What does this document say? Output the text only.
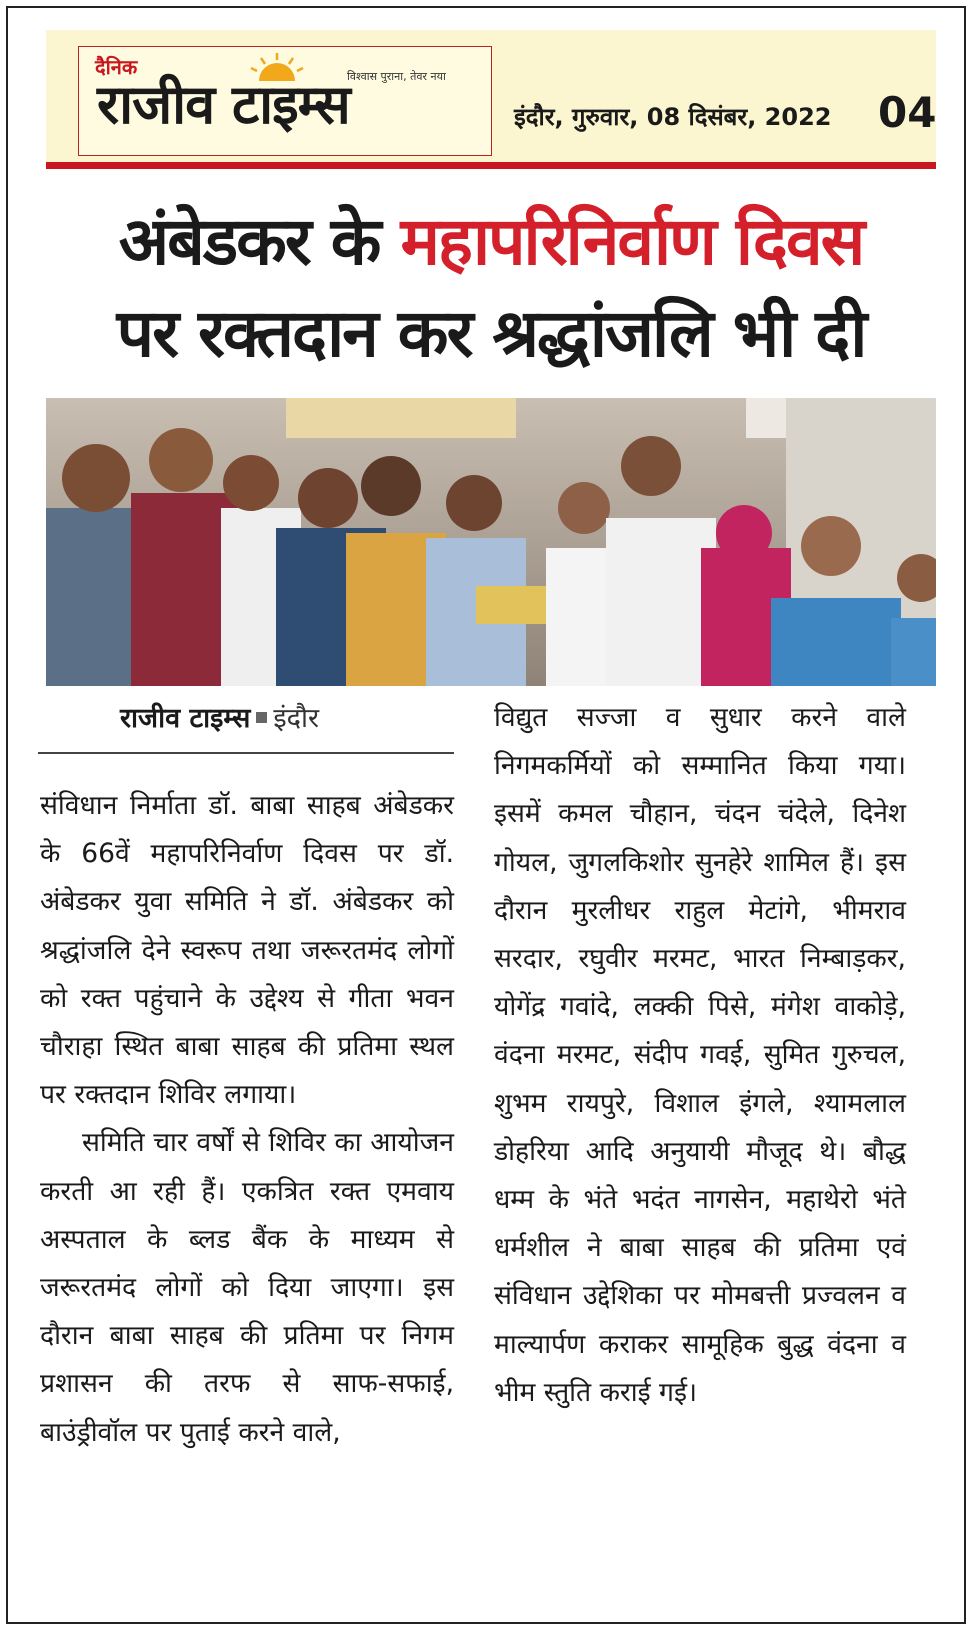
दैनिक
राजीव टाइम्स
विश्वास पुराना, तेवर नया
इंदौर, गुरुवार, 08 दिसंबर, 2022 04
अंबेडकर के महापरिनिर्वाण दिवस
पर रक्तदान कर श्रद्धांजलि भी दी
राजीव टाइम्स इंदौर

संविधान निर्माता डॉ. बाबा साहब अंबेडकर के 66वें महापरिनिर्वाण दिवस पर डॉ. अंबेडकर युवा समिति ने डॉ. अंबेडकर को श्रद्धांजलि देने स्वरूप तथा जरूरतमंद लोगों को रक्त पहुंचाने के उद्देश्य से गीता भवन चौराहा स्थित बाबा साहब की प्रतिमा स्थल पर रक्तदान शिविर लगाया।

समिति चार वर्षों से शिविर का आयोजन करती आ रही हैं। एकत्रित रक्त एमवाय अस्पताल के ब्लड बैंक के माध्यम से जरूरतमंद लोगों को दिया जाएगा। इस दौरान बाबा साहब की प्रतिमा पर निगम प्रशासन की तरफ से साफ-सफाई, बाउंड्रीवॉल पर पुताई करने वाले,

विद्युत सज्जा व सुधार करने वाले निगमकर्मियों को सम्मानित किया गया। इसमें कमल चौहान, चंदन चंदेले, दिनेश गोयल, जुगलकिशोर सुनहेरे शामिल हैं। इस दौरान मुरलीधर राहुल मेटांगे, भीमराव सरदार, रघुवीर मरमट, भारत निम्बाड़कर, योगेंद्र गवांदे, लक्की पिसे, मंगेश वाकोड़े, वंदना मरमट, संदीप गवई, सुमित गुरुचल, शुभम रायपुरे, विशाल इंगले, श्यामलाल डोहरिया आदि अनुयायी मौजूद थे। बौद्ध धम्म के भंते भदंत नागसेन, महाथेरो भंते धर्मशील ने बाबा साहब की प्रतिमा एवं संविधान उद्देशिका पर मोमबत्ती प्रज्वलन व माल्यार्पण कराकर सामूहिक बुद्ध वंदना व भीम स्तुति कराई गई।
